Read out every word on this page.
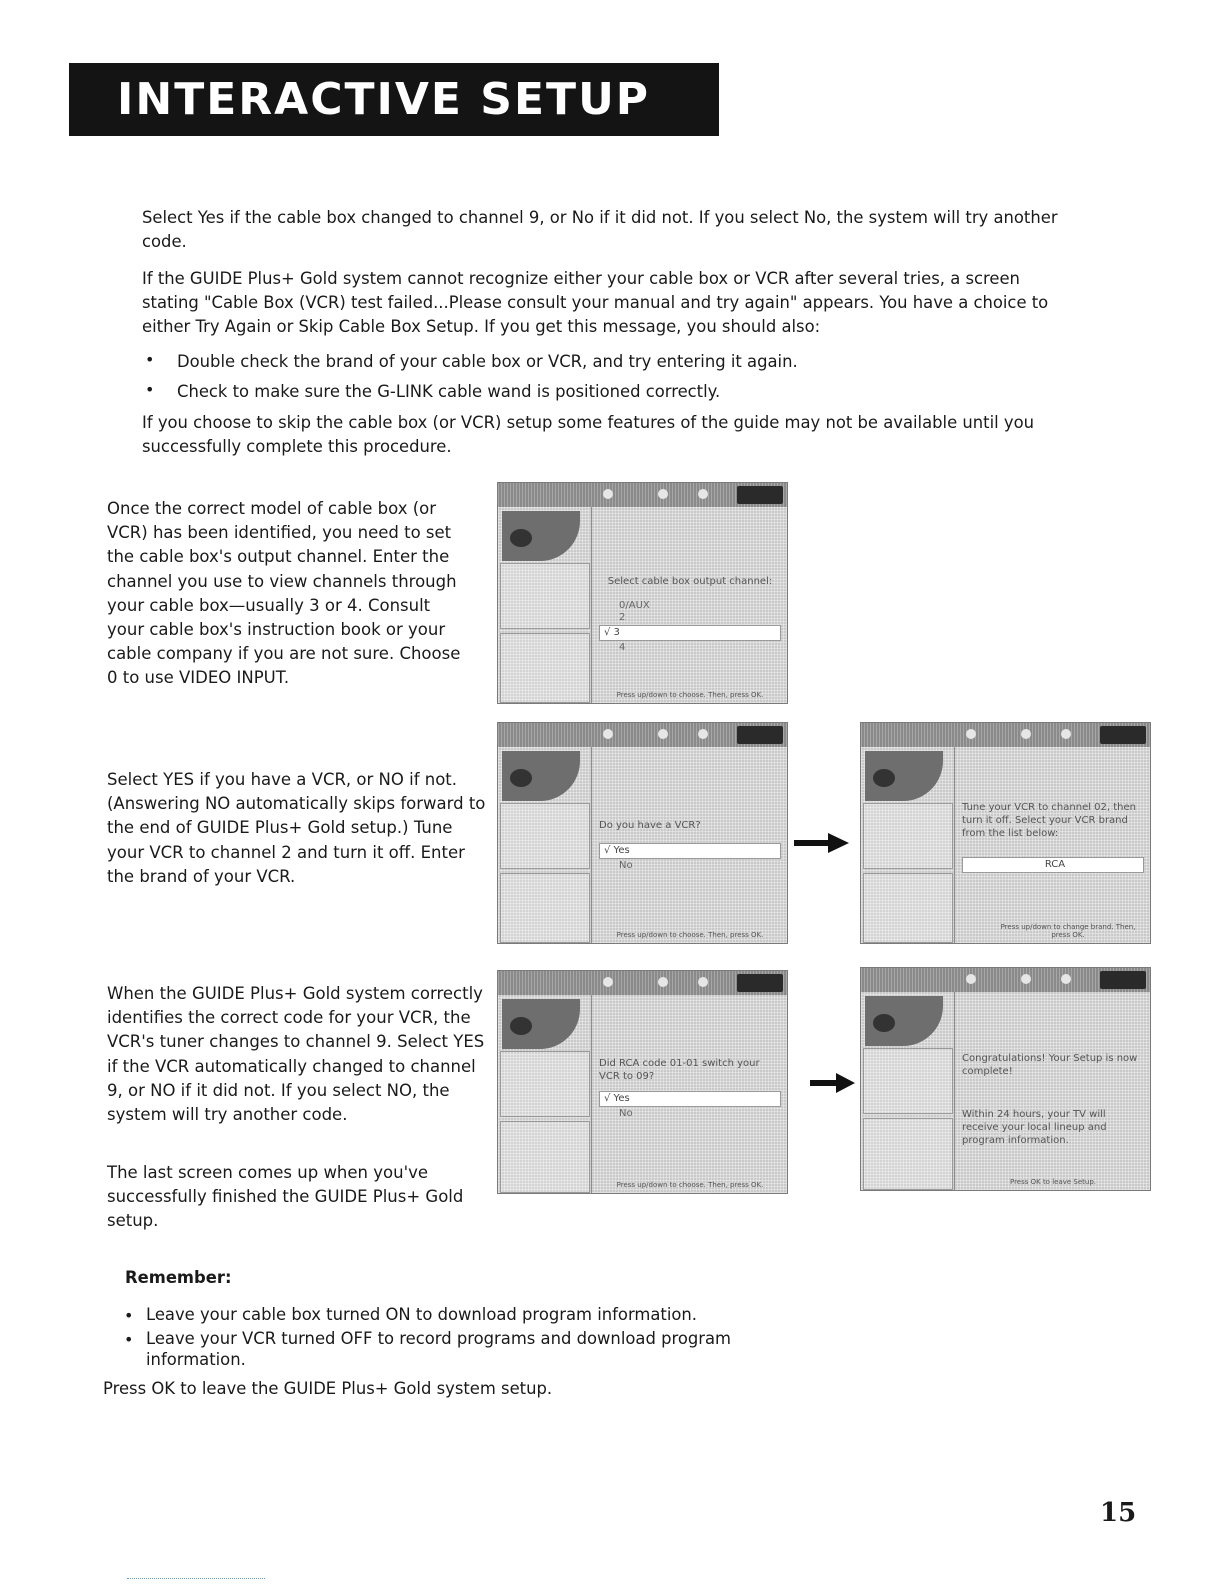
INTERACTIVE SETUP

Select Yes if the cable box changed to channel 9, or No if it did not. If you select No, the system will try another code.

If the GUIDE Plus+ Gold system cannot recognize either your cable box or VCR after several tries, a screen stating "Cable Box (VCR) test failed...Please consult your manual and try again" appears. You have a choice to either Try Again or Skip Cable Box Setup. If you get this message, you should also:

• Double check the brand of your cable box or VCR, and try entering it again.

• Check to make sure the G-LINK cable wand is positioned correctly.

If you choose to skip the cable box (or VCR) setup some features of the guide may not be available until you successfully complete this procedure.

Once the correct model of cable box (or VCR) has been identified, you need to set the cable box's output channel. Enter the channel you use to view channels through your cable box—usually 3 or 4. Consult your cable box's instruction book or your cable company if you are not sure. Choose 0 to use VIDEO INPUT.

Select YES if you have a VCR, or NO if not. (Answering NO automatically skips forward to the end of GUIDE Plus+ Gold setup.) Tune your VCR to channel 2 and turn it off. Enter the brand of your VCR.

When the GUIDE Plus+ Gold system correctly identifies the correct code for your VCR, the VCR's tuner changes to channel 9. Select YES if the VCR automatically changed to channel 9, or NO if it did not. If you select NO, the system will try another code.

The last screen comes up when you've successfully finished the GUIDE Plus+ Gold setup.

Select cable box output channel:
0/AUX
2
√ 3
4
Press up/down to choose. Then, press OK.
Do you have a VCR?
√ Yes
No
Press up/down to choose. Then, press OK.
Tune your VCR to channel 02, then turn it off. Select your VCR brand from the list below:
RCA
Press up/down to change brand. Then, press OK.
Did RCA code 01-01 switch your VCR to 09?
√ Yes
No
Press up/down to choose. Then, press OK.
Congratulations! Your Setup is now complete!
Within 24 hours, your TV will receive your local lineup and program information.
Press OK to leave Setup.
Remember:
• Leave your cable box turned ON to download program information.

• Leave your VCR turned OFF to record programs and download program information.

Press OK to leave the GUIDE Plus+ Gold system setup.

15
